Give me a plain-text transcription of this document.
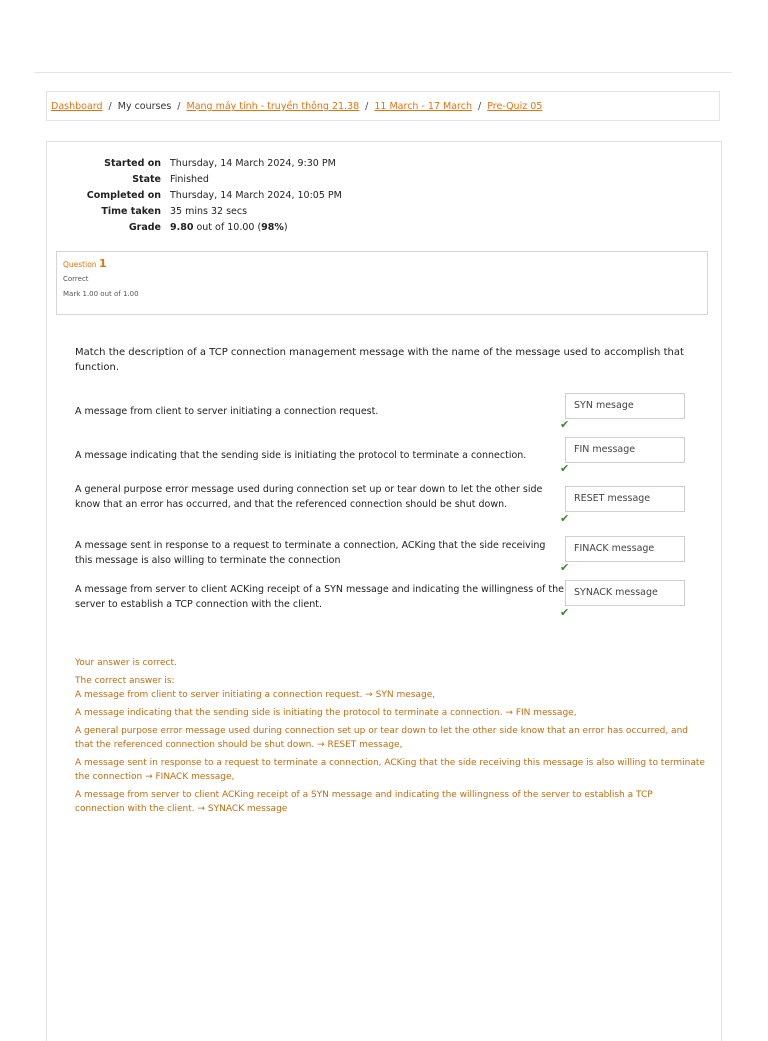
Dashboard / My courses / Mạng máy tính - truyền thông 21.38 / 11 March - 17 March / Pre-Quiz 05
Started on Thursday, 14 March 2024, 9:30 PM
State Finished
Completed on Thursday, 14 March 2024, 10:05 PM
Time taken 35 mins 32 secs
Grade 9.80 out of 10.00 (98%)
Question 1
Correct
Mark 1.00 out of 1.00
Match the description of a TCP connection management message with the name of the message used to accomplish that function.
A message from client to server initiating a connection request.
SYN mesage
✔
A message indicating that the sending side is initiating the protocol to terminate a connection.
FIN message
✔
A general purpose error message used during connection set up or tear down to let the other side know that an error has occurred, and that the referenced connection should be shut down.
RESET message
✔
A message sent in response to a request to terminate a connection, ACKing that the side receiving this message is also willing to terminate the connection
FINACK message
✔
A message from server to client ACKing receipt of a SYN message and indicating the willingness of the server to establish a TCP connection with the client.
SYNACK message
✔

Your answer is correct.

The correct answer is:

A message from client to server initiating a connection request. → SYN mesage,

A message indicating that the sending side is initiating the protocol to terminate a connection. → FIN message,

A general purpose error message used during connection set up or tear down to let the other side know that an error has occurred, and that the referenced connection should be shut down. → RESET message,

A message sent in response to a request to terminate a connection, ACKing that the side receiving this message is also willing to terminate the connection → FINACK message,

A message from server to client ACKing receipt of a SYN message and indicating the willingness of the server to establish a TCP connection with the client. → SYNACK message
